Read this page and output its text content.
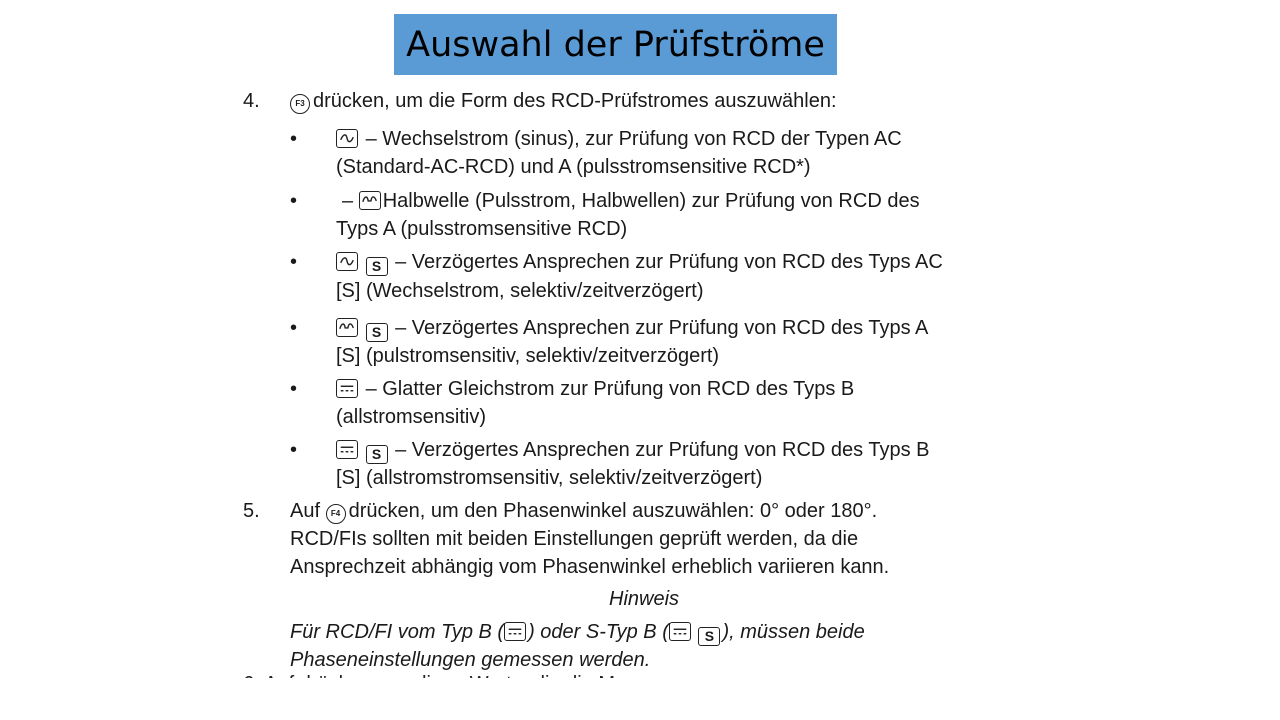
Auswahl der Prüfströme
4.	F3 drücken, um die Form des RCD-Prüfstromes auszuwählen:
•	– Wechselstrom (sinus), zur Prüfung von RCD der Typen AC
(Standard-AC-RCD) und A (pulsstromsensitive RCD*)
• – Halbwelle (Pulsstrom, Halbwellen) zur Prüfung von RCD des
Typs A (pulsstromsensitive RCD)
•	S – Verzögertes Ansprechen zur Prüfung von RCD des Typs AC
[S] (Wechselstrom, selektiv/zeitverzögert)
•	S – Verzögertes Ansprechen zur Prüfung von RCD des Typs A
[S] (pulstromsensitiv, selektiv/zeitverzögert)
•	– Glatter Gleichstrom zur Prüfung von RCD des Typs B
(allstromsensitiv)
•	S – Verzögertes Ansprechen zur Prüfung von RCD des Typs B
[S] (allstromstromsensitiv, selektiv/zeitverzögert)
5. Auf F4 drücken, um den Phasenwinkel auszuwählen: 0° oder 180°.
RCD/FIs sollten mit beiden Einstellungen geprüft werden, da die
Ansprechzeit abhängig vom Phasenwinkel erheblich variieren kann.
Hinweis
Für RCD/FI vom Typ B ( ) oder S-Typ B (	S ), müssen beide
Phaseneinstellungen gemessen werden.
